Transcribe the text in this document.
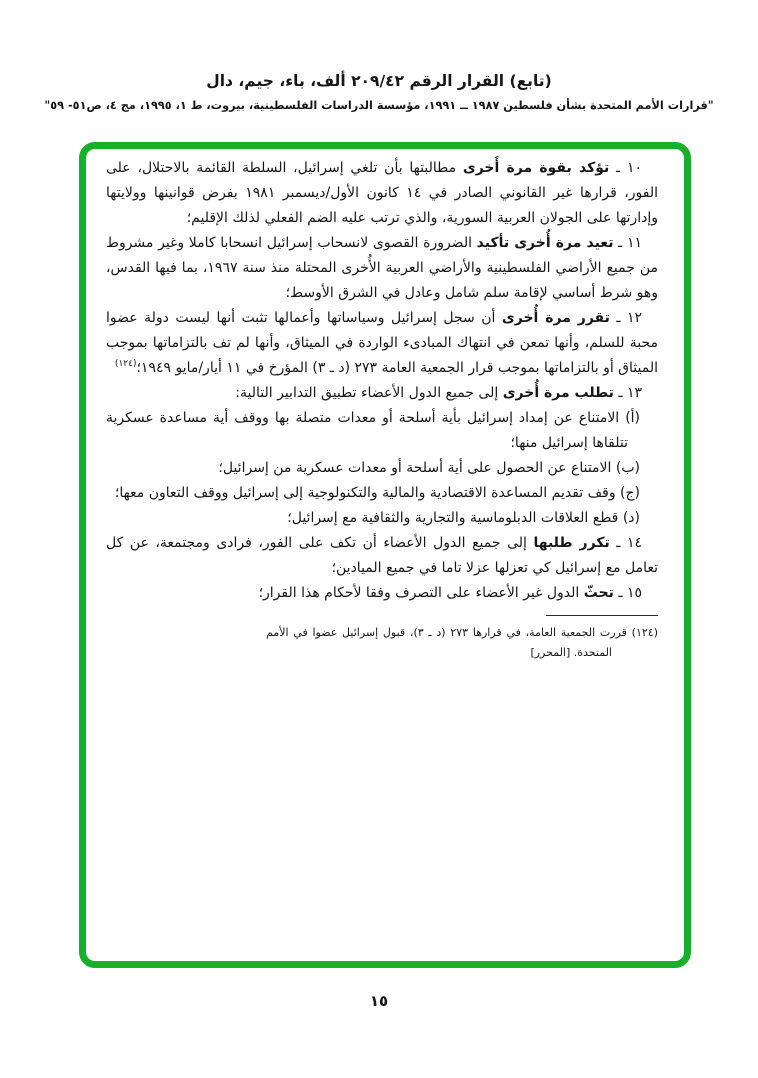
(تابع) القرار الرقم ٢٠٩/٤٢ ألف، باء، جيم، دال
"قرارات الأمم المتحدة بشأن فلسطين ١٩٨٧ ــ ١٩٩١، مؤسسة الدراسات الفلسطينية، بيروت، ط ١، ١٩٩٥، مج ٤، ص٥١- ٥٩"

١٠ ـ تؤكد بقوة مرة أُخرى مطالبتها بأن تلغي إسرائيل، السلطة القائمة بالاحتلال، على الفور، قرارها غير القانوني الصادر في ١٤ كانون الأول/ديسمبر ١٩٨١ بفرض قوانينها وولايتها وإدارتها على الجولان العربية السورية، والذي ترتب عليه الضم الفعلي لذلك الإقليم؛

١١ ـ تعيد مرة أُخرى تأكيد الضرورة القصوى لانسحاب إسرائيل انسحابا كاملا وغير مشروط من جميع الأراضي الفلسطينية والأراضي العربية الأُخرى المحتلة منذ سنة ١٩٦٧، بما فيها القدس، وهو شرط أساسي لإقامة سلم شامل وعادل في الشرق الأوسط؛

١٢ ـ تقرر مرة أُخرى أن سجل إسرائيل وسياساتها وأعمالها تثبت أنها ليست دولة عضوا محبة للسلم، وأنها تمعن في انتهاك المبادىء الواردة في الميثاق، وأنها لم تف بالتزاماتها بموجب الميثاق أو بالتزاماتها بموجب قرار الجمعية العامة ٢٧٣ (د ـ ٣) المؤرخ في ١١ أيار/مايو ١٩٤٩؛$^{(١٢٤)}$

١٣ ـ تطلب مرة أُخرى إلى جميع الدول الأعضاء تطبيق التدابير التالية:

(أ) الامتناع عن إمداد إسرائيل بأية أسلحة أو معدات متصلة بها ووقف أية مساعدة عسكرية تتلقاها إسرائيل منها؛

(ب) الامتناع عن الحصول على أية أسلحة أو معدات عسكرية من إسرائيل؛

(ج) وقف تقديم المساعدة الاقتصادية والمالية والتكنولوجية إلى إسرائيل ووقف التعاون معها؛

(د) قطع العلاقات الدبلوماسية والتجارية والثقافية مع إسرائيل؛

١٤ ـ تكرر طلبها إلى جميع الدول الأعضاء أن تكف على الفور، فرادى ومجتمعة، عن كل تعامل مع إسرائيل كي تعزلها عزلا تاما في جميع الميادين؛

١٥ ـ تحثّ الدول غير الأعضاء على التصرف وفقا لأحكام هذا القرار؛

(١٢٤) قررت الجمعية العامة، في قرارها ٢٧٣ (د ـ ٣)، قبول إسرائيل عضوا في الأمم المتحدة. [المحرر]

١٥
